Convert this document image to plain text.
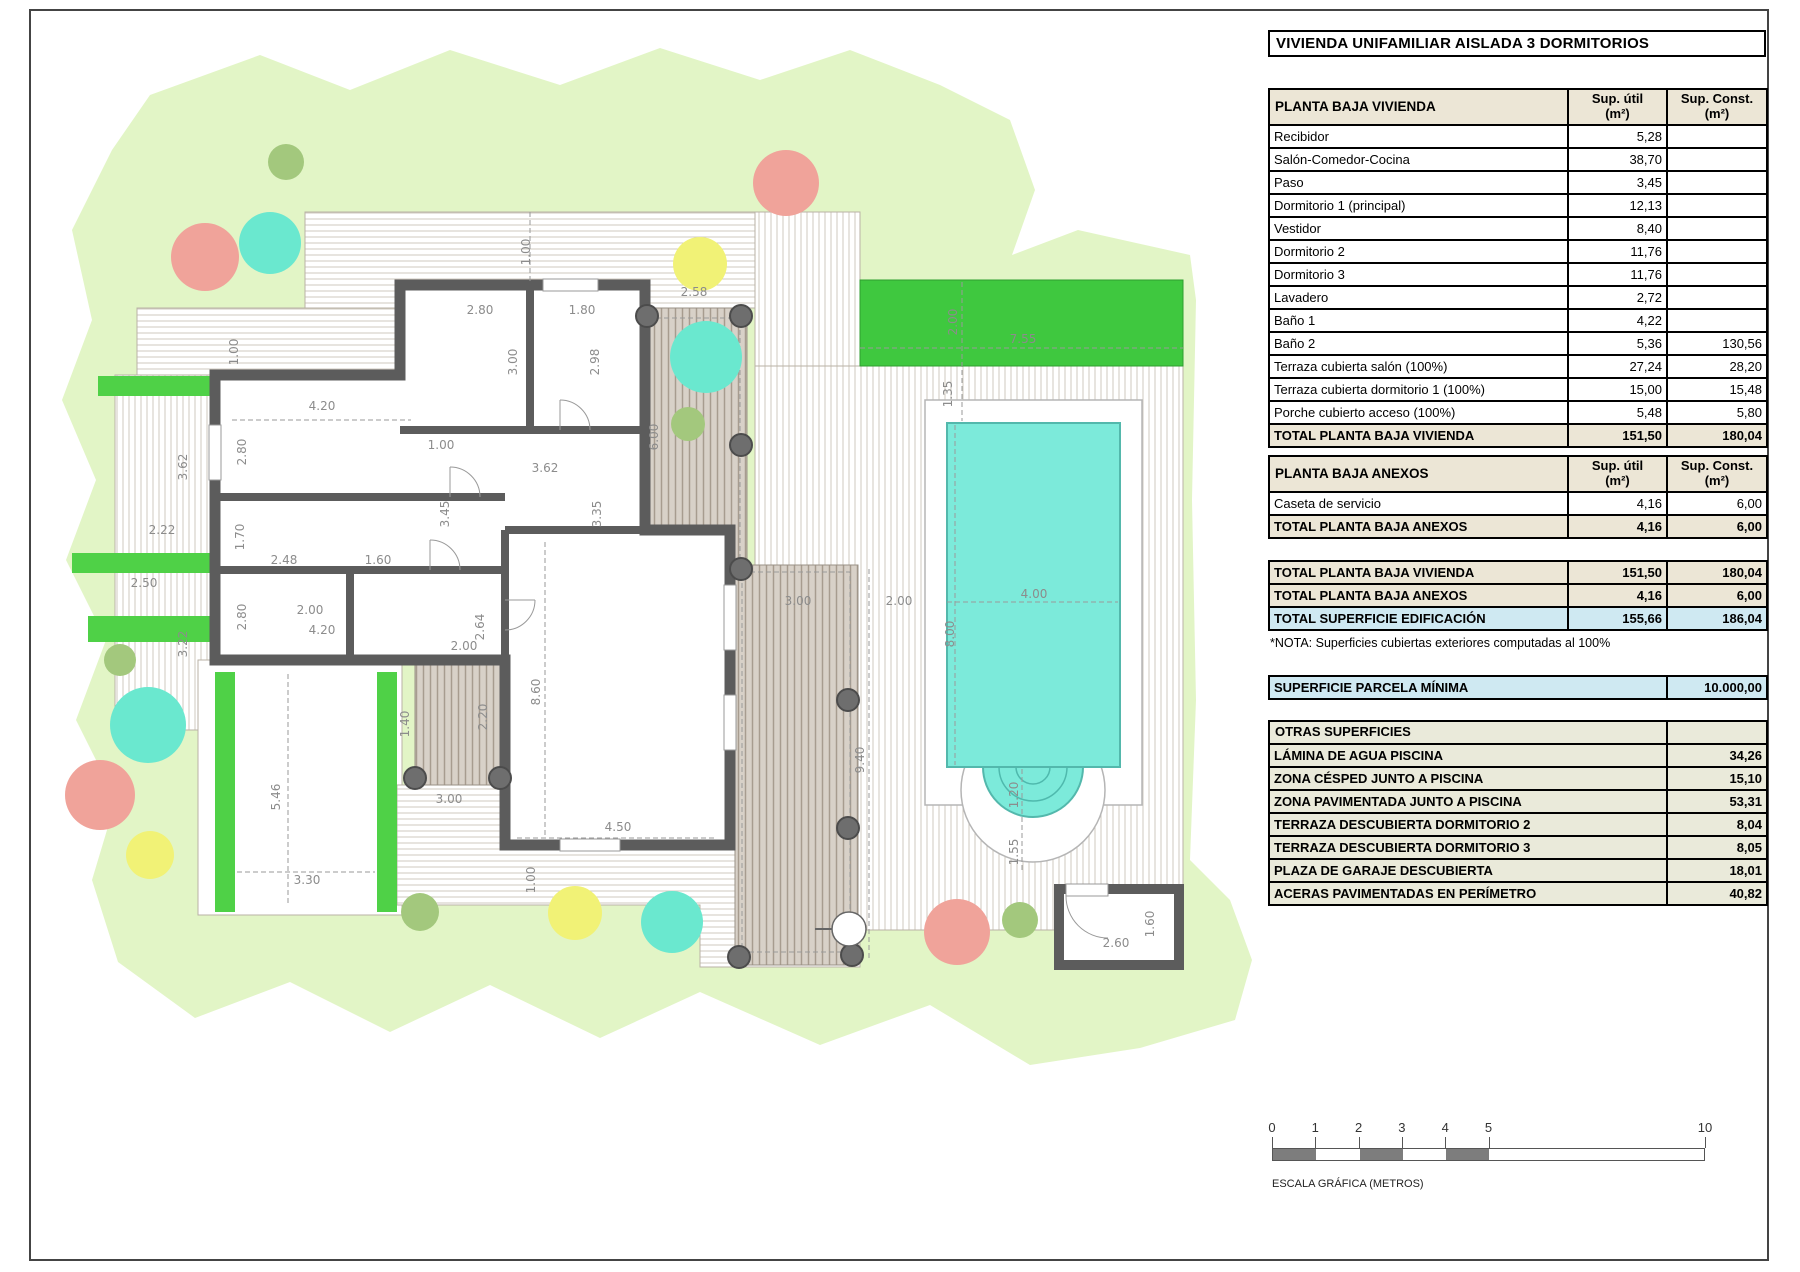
1.00
2.58
2.80	1.80
3.00	2.98
6.00
1.00
4.20
2.80	1.00
3.62
3.45	3.35
3.62
2.22	1.70
2.48	1.60
2.50
3.22
2.80	4.20
2.00
2.64
2.00
2.20
1.40
3.00
8.60
5.46
3.30
4.50
1.00
9.40
3.00	2.00	4.00
8.00
2.00
7.55
1.35
1.20
1.55
2.60
1.60
VIVIENDA UNIFAMILIAR AISLADA 3 DORMITORIOS
PLANTA BAJA VIVIENDA	
Sup. útil
(m²)

Sup. Const.
(m²)

Recibidor	5,28	
Salón-Comedor-Cocina	38,70	
Paso	3,45	
Dormitorio 1 (principal)	12,13	
Vestidor	8,40	
Dormitorio 2	11,76	
Dormitorio 3	11,76	
Lavadero	2,72	
Baño 1	4,22	
Baño 2	5,36	130,56
Terraza cubierta salón (100%)	27,24	28,20
Terraza cubierta dormitorio 1 (100%)	15,00	15,48
Porche cubierto acceso (100%)	5,48	5,80
TOTAL PLANTA BAJA VIVIENDA	151,50	180,04
PLANTA BAJA ANEXOS	
Sup. útil
(m²)

Sup. Const.
(m²)

Caseta de servicio	4,16	6,00
TOTAL PLANTA BAJA ANEXOS	4,16	6,00
TOTAL PLANTA BAJA VIVIENDA	151,50	180,04
TOTAL PLANTA BAJA ANEXOS	4,16	6,00
TOTAL SUPERFICIE EDIFICACIÓN	155,66	186,04
*NOTA: Superficies cubiertas exteriores computadas al 100%
SUPERFICIE PARCELA MÍNIMA	10.000,00
OTRAS SUPERFICIES	
LÁMINA DE AGUA PISCINA	34,26
ZONA CÉSPED JUNTO A PISCINA	15,10
ZONA PAVIMENTADA JUNTO A PISCINA	53,31
TERRAZA DESCUBIERTA DORMITORIO 2	8,04
TERRAZA DESCUBIERTA DORMITORIO 3	8,05
PLAZA DE GARAJE DESCUBIERTA	18,01
ACERAS PAVIMENTADAS EN PERÍMETRO	40,82
0	1	2	3	4	5	10
ESCALA GRÁFICA (METROS)
